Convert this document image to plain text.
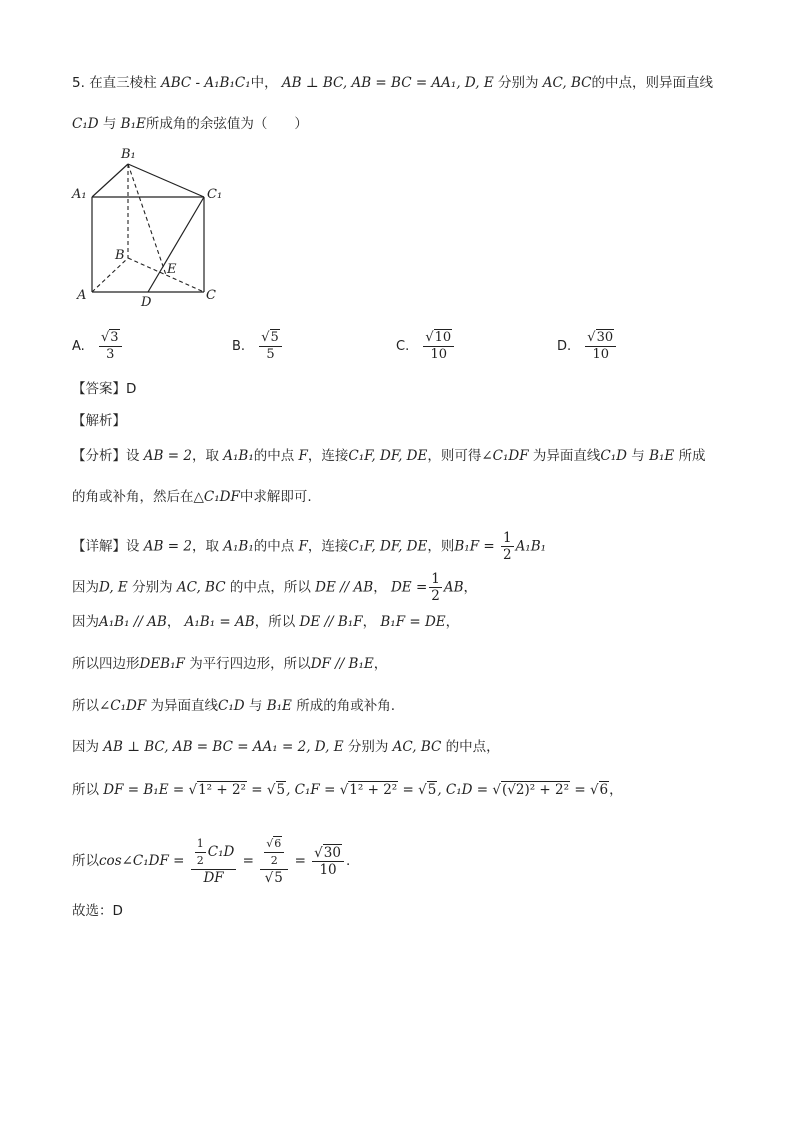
5. 在直三棱柱 ABC - A₁B₁C₁中， AB ⊥ BC, AB = BC = AA₁, D, E 分别为 AC, BC的中点，则异面直线
C₁D 与 B₁E所成角的余弦值为（　　）
B₁
A₁	C₁
B
E
A	D	C
A. $\frac{√3}{3}$	B. $\frac{√5}{5}$	C. $\frac{√10}{10}$	D. $\frac{√30}{10}$
【答案】D
【解析】
【分析】设 AB = 2，取 A₁B₁的中点 F，连接C₁F, DF, DE，则可得∠C₁DF 为异面直线C₁D 与 B₁E 所成
的角或补角，然后在△C₁DF中求解即可.
【详解】设 AB = 2，取 A₁B₁的中点 F，连接C₁F, DF, DE，则$B_1F = \frac{1}{2} A_1B_1$
因为D, E 分别为 AC, BC 的中点，所以 DE // AB， DE = $\frac{1}{2}$ AB，
因为A₁B₁ // AB， A₁B₁ = AB，所以 DE // B₁F， B₁F = DE，
所以四边形DEB₁F 为平行四边形，所以DF // B₁E，
所以∠C₁DF 为异面直线C₁D 与 B₁E 所成的角或补角.
因为 AB ⊥ BC, AB = BC = AA₁ = 2, D, E 分别为 AC, BC 的中点，
所以 DF = B₁E = √1² + 2² = √5, C₁F = √1² + 2² = √5, C₁D = √(√2)² + 2² = √6，
所以cos∠C₁DF = $\frac{\frac{1}{2} C_1D}{DF} = \frac{\frac{√6}{2}}{√5} = \frac{√30}{10}$ .
故选：D
